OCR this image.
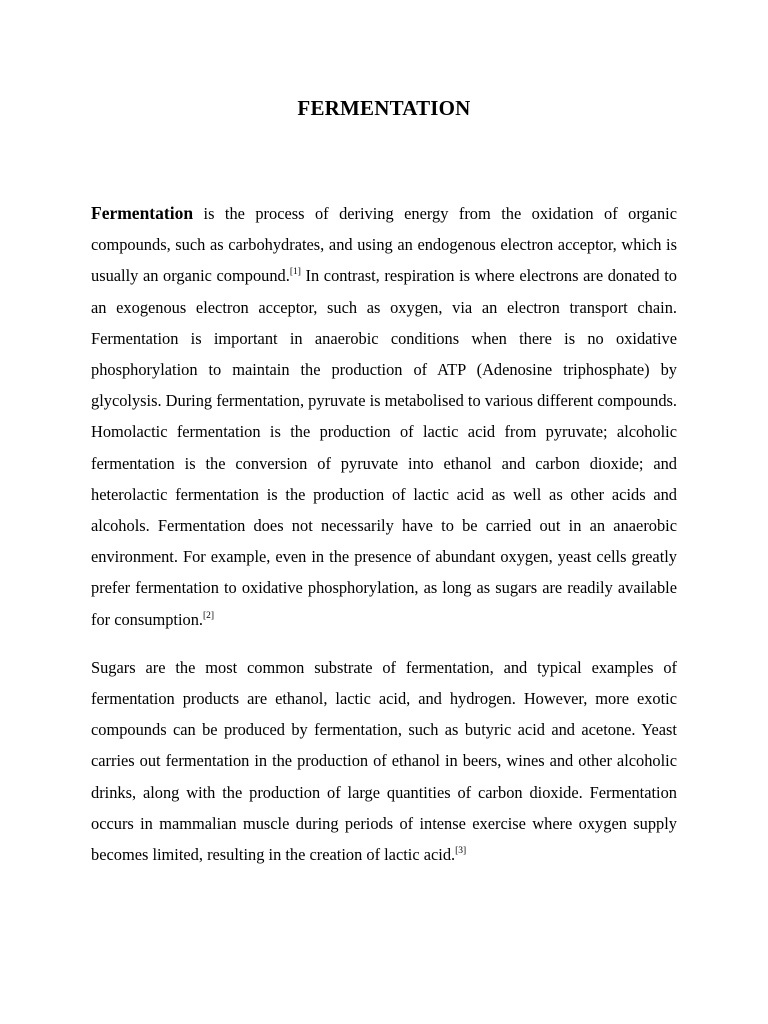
FERMENTATION

Fermentation is the process of deriving energy from the oxidation of organic compounds, such as carbohydrates, and using an endogenous electron acceptor, which is usually an organic compound.[1] In contrast, respiration is where electrons are donated to an exogenous electron acceptor, such as oxygen, via an electron transport chain. Fermentation is important in anaerobic conditions when there is no oxidative phosphorylation to maintain the production of ATP (Adenosine triphosphate) by glycolysis. During fermentation, pyruvate is metabolised to various different compounds. Homolactic fermentation is the production of lactic acid from pyruvate; alcoholic fermentation is the conversion of pyruvate into ethanol and carbon dioxide; and heterolactic fermentation is the production of lactic acid as well as other acids and alcohols. Fermentation does not necessarily have to be carried out in an anaerobic environment. For example, even in the presence of abundant oxygen, yeast cells greatly prefer fermentation to oxidative phosphorylation, as long as sugars are readily available for consumption.[2]

Sugars are the most common substrate of fermentation, and typical examples of fermentation products are ethanol, lactic acid, and hydrogen. However, more exotic compounds can be produced by fermentation, such as butyric acid and acetone. Yeast carries out fermentation in the production of ethanol in beers, wines and other alcoholic drinks, along with the production of large quantities of carbon dioxide. Fermentation occurs in mammalian muscle during periods of intense exercise where oxygen supply becomes limited, resulting in the creation of lactic acid.[3]
